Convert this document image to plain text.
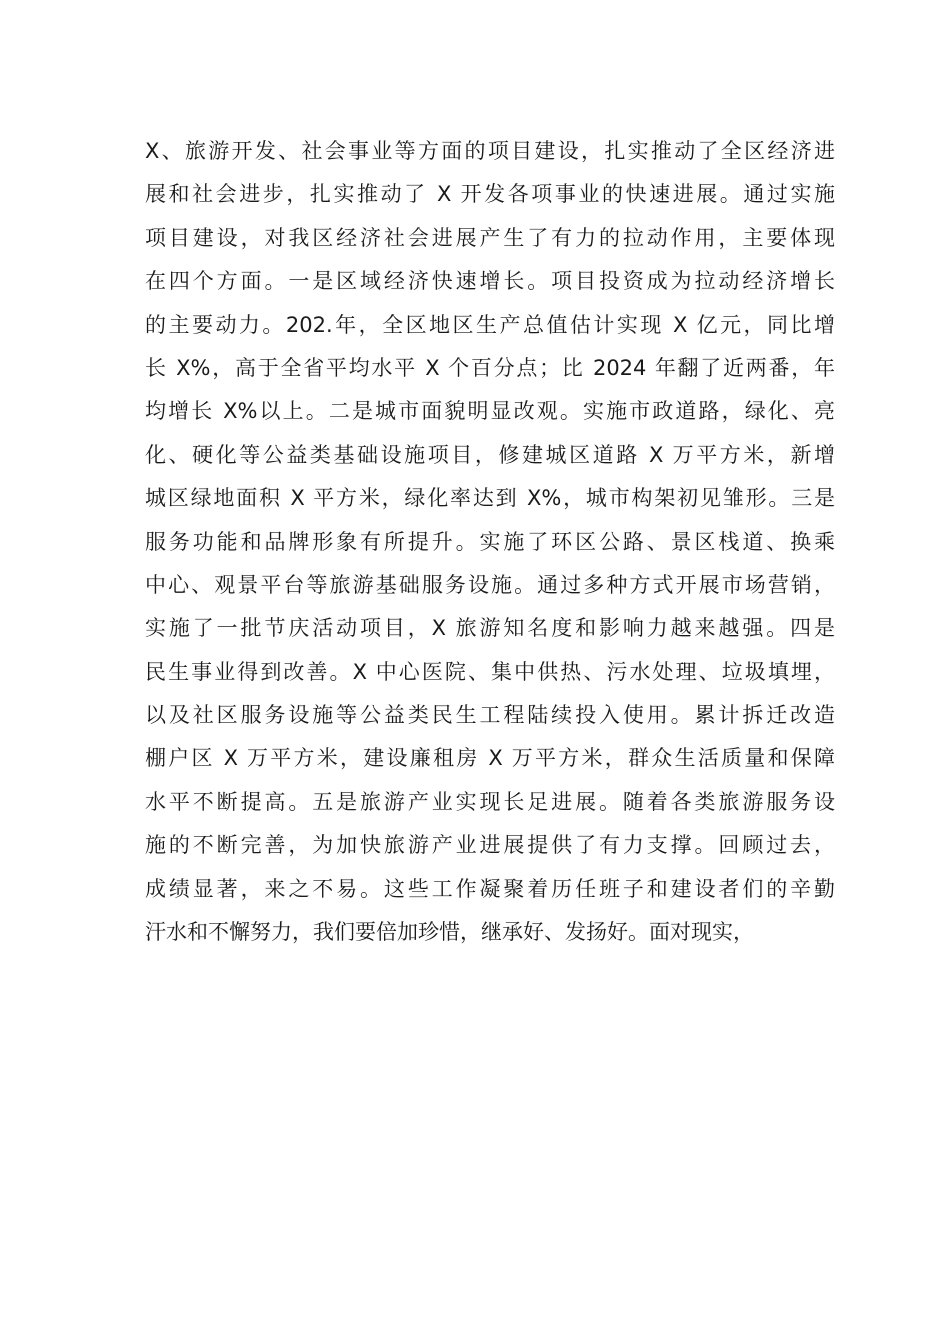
X、旅游开发、社会事业等方面的项目建设，扎实推动了全区经济进
展和社会进步，扎实推动了 X 开发各项事业的快速进展。通过实施
项目建设，对我区经济社会进展产生了有力的拉动作用，主要体现
在四个方面。一是区域经济快速增长。项目投资成为拉动经济增长
的主要动力。202.年，全区地区生产总值估计实现 X 亿元，同比增
长 X%，高于全省平均水平 X 个百分点；比 2024 年翻了近两番，年
均增长 X%以上。二是城市面貌明显改观。实施市政道路，绿化、亮
化、硬化等公益类基础设施项目，修建城区道路 X 万平方米，新增
城区绿地面积 X 平方米，绿化率达到 X%，城市构架初见雏形。三是
服务功能和品牌形象有所提升。实施了环区公路、景区栈道、换乘
中心、观景平台等旅游基础服务设施。通过多种方式开展市场营销，
实施了一批节庆活动项目，X 旅游知名度和影响力越来越强。四是
民生事业得到改善。X 中心医院、集中供热、污水处理、垃圾填埋，
以及社区服务设施等公益类民生工程陆续投入使用。累计拆迁改造
棚户区 X 万平方米，建设廉租房 X 万平方米，群众生活质量和保障
水平不断提高。五是旅游产业实现长足进展。随着各类旅游服务设
施的不断完善，为加快旅游产业进展提供了有力支撑。回顾过去，
成绩显著，来之不易。这些工作凝聚着历任班子和建设者们的辛勤
汗水和不懈努力，我们要倍加珍惜，继承好、发扬好。面对现实，
